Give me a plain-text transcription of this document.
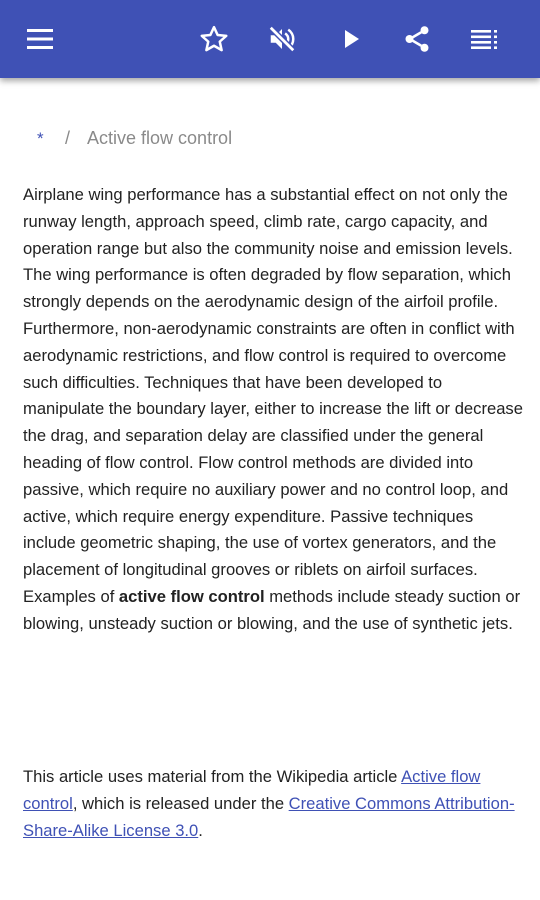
* / Active flow control

Airplane wing performance has a substantial effect on not only the runway length, approach speed, climb rate, cargo capacity, and operation range but also the community noise and emission levels. The wing performance is often degraded by flow separation, which strongly depends on the aerodynamic design of the airfoil profile. Furthermore, non-aerodynamic constraints are often in conflict with aerodynamic restrictions, and flow control is required to overcome such difficulties. Techniques that have been developed to manipulate the boundary layer, either to increase the lift or decrease the drag, and separation delay are classified under the general heading of flow control. Flow control methods are divided into passive, which require no auxiliary power and no control loop, and active, which require energy expenditure. Passive techniques include geometric shaping, the use of vortex generators, and the placement of longitudinal grooves or riblets on airfoil surfaces. Examples of active flow control methods include steady suction or blowing, unsteady suction or blowing, and the use of synthetic jets.

This article uses material from the Wikipedia article Active flow control, which is released under the Creative Commons Attribution-Share-Alike License 3.0.
